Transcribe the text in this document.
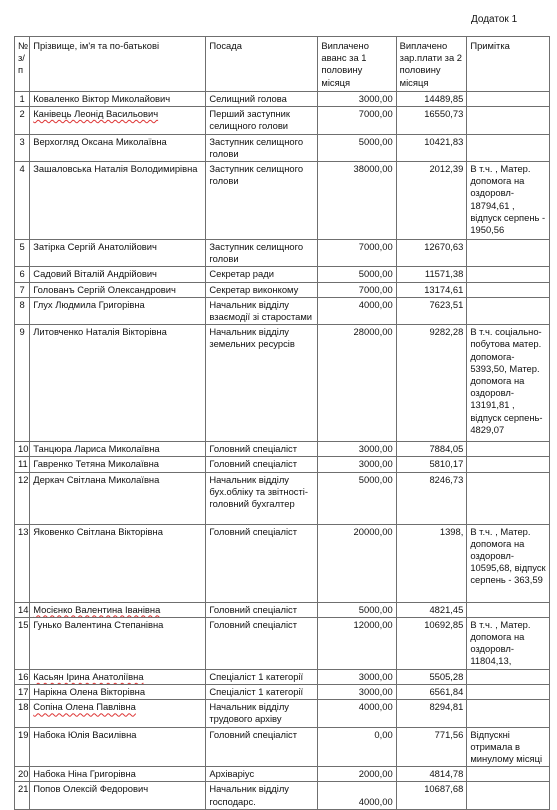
Додаток 1
№ з/п	Прізвище, ім'я та по-батькові	Посада	Виплачено аванс за 1 половину місяця	Виплачено зар.плати за 2 половину місяця	Примітка
1	Коваленко Віктор Миколайович	Селищний голова	3000,00	14489,85	
2	Канівець Леонід Васильович	Перший заступник селищного голови	7000,00	16550,73	
3	Верхогляд Оксана Миколаївна	Заступник селищного голови	5000,00	10421,83	
4	Зашаловська Наталія Володимирівна	Заступник селищного голови	38000,00	2012,39	В т.ч. , Матер. допомога на оздоровл- 18794,61 , відпуск серпень - 1950,56
5	Затірка Сергій Анатолійович	Заступник селищного голови	7000,00	12670,63	
6	Садовий Віталій Андрійович	Секретар ради	5000,00	11571,38	
7	Голованъ Сергій Олександрович	Секретар виконкому	7000,00	13174,61	
8	Глух Людмила Григорівна	Начальник відділу взаємодії зі старостами	4000,00	7623,51	
9	Литовченко Наталія Вікторівна	Начальник відділу земельних ресурсів	28000,00	9282,28	В т.ч. соціально- побутова матер. допомога- 5393,50, Матер. допомога на оздоровл- 13191,81 , відпуск серпень- 4829,07
10	Танцюра Лариса Миколаївна	Головний спеціаліст	3000,00	7884,05	
11	Гавренко Тетяна Миколаївна	Головний спеціаліст	3000,00	5810,17	
12	Деркач Світлана Миколаївна	Начальник відділу бух.обліку та звітності-головний бухгалтер	5000,00	8246,73	
13	Яковенко Світлана Вікторівна	Головний спеціаліст	20000,00	1398,	В т.ч. , Матер. допомога на оздоровл- 10595,68, відпуск серпень - 363,59
14	Мосієнко Валентина Іванівна	Головний спеціаліст	5000,00	4821,45	
15	Гунько Валентина Степанівна	Головний спеціаліст	12000,00	10692,85	В т.ч. , Матер. допомога на оздоровл- 11804,13,
16	Касьян Ірина Анатоліївна	Спеціаліст 1 категорії	3000,00	5505,28	
17	Нарікна Олена Вікторівна	Спеціаліст 1 категорії	3000,00	6561,84	
18	Сопіна Олена Павлівна	Начальник відділу трудового архіву	4000,00	8294,81	
19	Набока Юлія Василівна	Головний спеціаліст	0,00	771,56	Відпускні отримала в минулому місяці
20	Набока Ніна Григорівна	Архіваріус	2000,00	4814,78	
21	Попов Олексій Федорович	Начальник відділу господарс.	4000,00	10687,68	
